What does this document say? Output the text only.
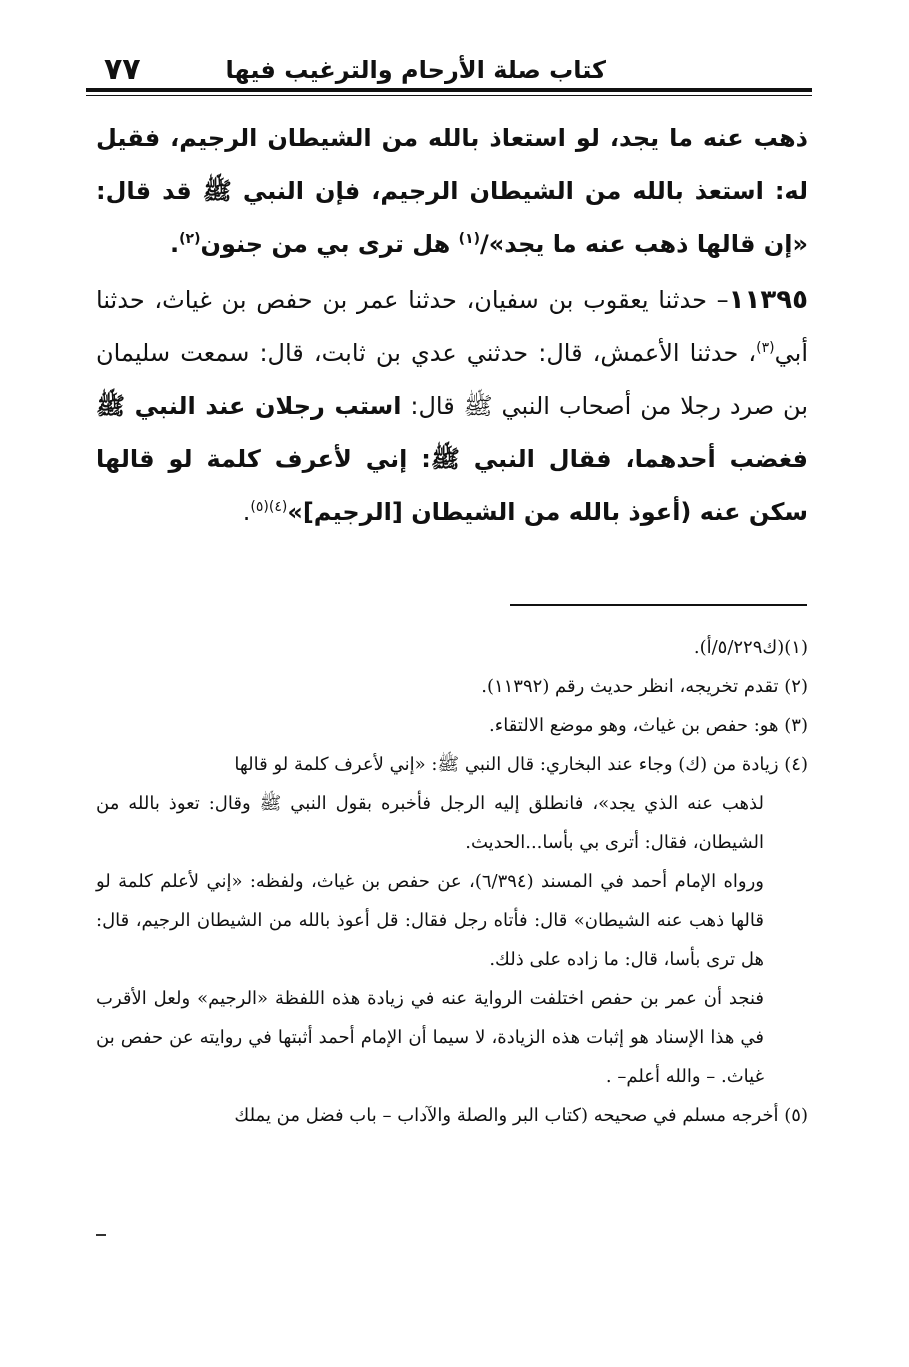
٧٧	كتاب صلة الأرحام والترغيب فيها

ذهب عنه ما يجد، لو استعاذ بالله من الشيطان الرجيم، فقيل له: استعذ بالله من الشيطان الرجيم، فإن النبي ﷺ قد قال: «إن قالها ذهب عنه ما يجد»/$^{(١)}$ هل ترى بي من جنون$^{(٢)}$.

١١٣٩٥– حدثنا يعقوب بن سفيان، حدثنا عمر بن حفص بن غياث، حدثنا أبي$^{(٣)}$، حدثنا الأعمش، قال: حدثني عدي بن ثابت، قال: سمعت سليمان بن صرد رجلا من أصحاب النبي ﷺ قال: استب رجلان عند النبي ﷺ فغضب أحدهما، فقال النبي ﷺ: إني لأعرف كلمة لو قالها سكن عنه (أعوذ بالله من الشيطان [الرجيم]»$^{(٤)(٥)}$.

(١)(ك٥/٢٢٩/أ).

(٢) تقدم تخريجه، انظر حديث رقم (١١٣٩٢).

(٣) هو: حفص بن غياث، وهو موضع الالتقاء.

(٤) زيادة من (ك) وجاء عند البخاري: قال النبي ﷺ: «إني لأعرف كلمة لو قالها

لذهب عنه الذي يجد»، فانطلق إليه الرجل فأخبره بقول النبي ﷺ وقال: تعوذ بالله من الشيطان، فقال: أترى بي بأسا...الحديث.

ورواه الإمام أحمد في المسند (٦/٣٩٤)، عن حفص بن غياث، ولفظه: «إني لأعلم كلمة لو قالها ذهب عنه الشيطان» قال: فأتاه رجل فقال: قل أعوذ بالله من الشيطان الرجيم، قال: هل ترى بأسا، قال: ما زاده على ذلك.

فنجد أن عمر بن حفص اختلفت الرواية عنه في زيادة هذه اللفظة «الرجيم» ولعل الأقرب في هذا الإسناد هو إثبات هذه الزيادة، لا سيما أن الإمام أحمد أثبتها في روايته عن حفص بن غياث. – والله أعلم– .

(٥) أخرجه مسلم في صحيحه (كتاب البر والصلة والآداب – باب فضل من يملك
